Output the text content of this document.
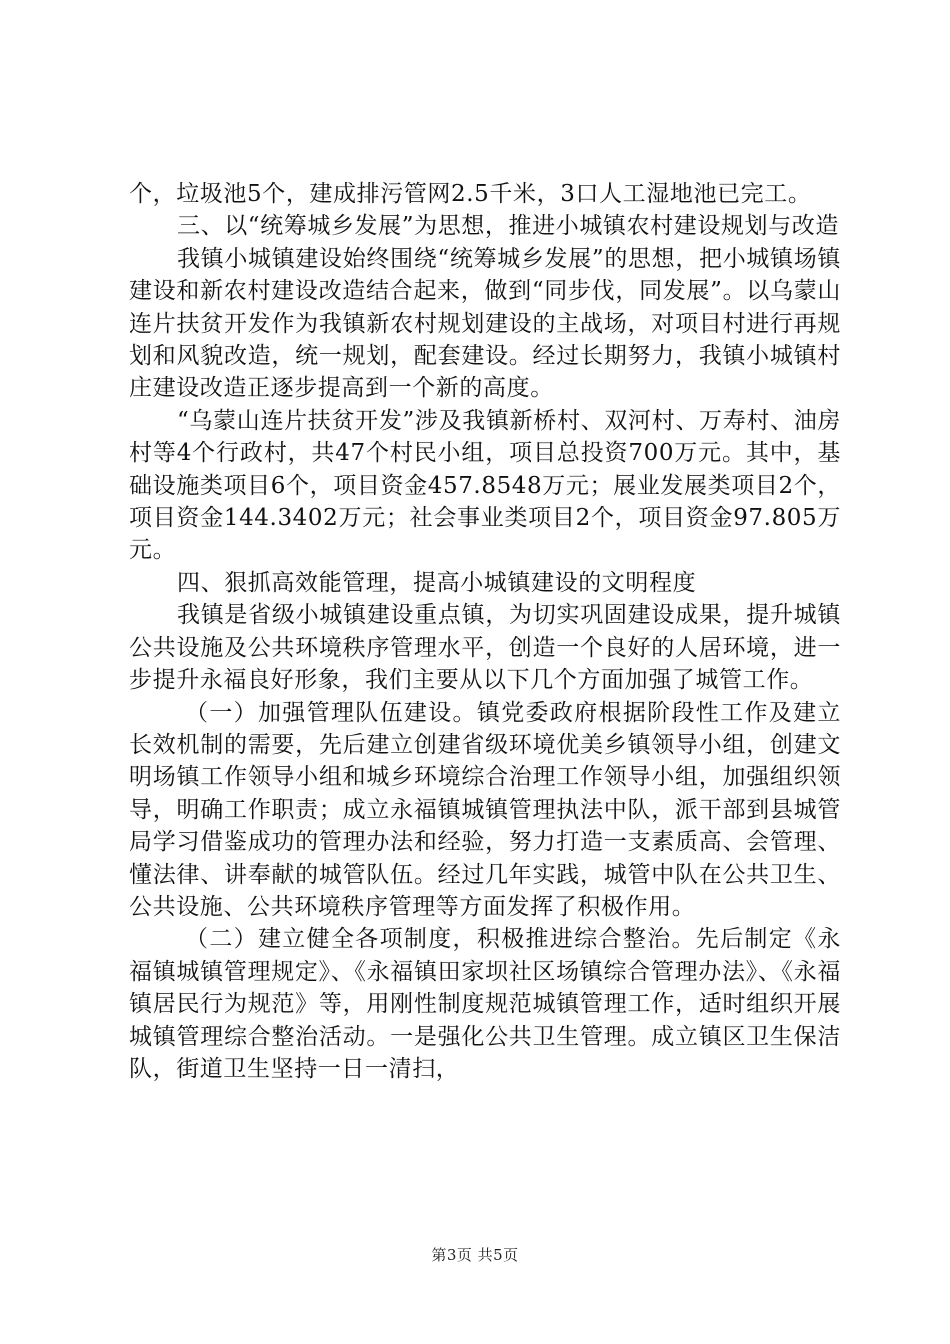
个，垃圾池5个，建成排污管网2.5千米，3口人工湿地池已完工。

三、以“统筹城乡发展”为思想，推进小城镇农村建设规划与改造

我镇小城镇建设始终围绕“统筹城乡发展”的思想，把小城镇场镇建设和新农村建设改造结合起来，做到“同步伐，同发展”。以乌蒙山连片扶贫开发作为我镇新农村规划建设的主战场，对项目村进行再规划和风貌改造，统一规划，配套建设。经过长期努力，我镇小城镇村庄建设改造正逐步提高到一个新的高度。

“乌蒙山连片扶贫开发”涉及我镇新桥村、双河村、万寿村、油房村等4个行政村，共47个村民小组，项目总投资700万元。其中，基础设施类项目6个，项目资金457.8548万元；展业发展类项目2个，项目资金144.3402万元；社会事业类项目2个，项目资金97.805万元。

四、狠抓高效能管理，提高小城镇建设的文明程度

我镇是省级小城镇建设重点镇，为切实巩固建设成果，提升城镇公共设施及公共环境秩序管理水平，创造一个良好的人居环境，进一步提升永福良好形象，我们主要从以下几个方面加强了城管工作。

（一）加强管理队伍建设。镇党委政府根据阶段性工作及建立长效机制的需要，先后建立创建省级环境优美乡镇领导小组，创建文明场镇工作领导小组和城乡环境综合治理工作领导小组，加强组织领导，明确工作职责；成立永福镇城镇管理执法中队，派干部到县城管局学习借鉴成功的管理办法和经验，努力打造一支素质高、会管理、懂法律、讲奉献的城管队伍。经过几年实践，城管中队在公共卫生、公共设施、公共环境秩序管理等方面发挥了积极作用。

（二）建立健全各项制度，积极推进综合整治。先后制定《永福镇城镇管理规定》、《永福镇田家坝社区场镇综合管理办法》、《永福镇居民行为规范》等，用刚性制度规范城镇管理工作，适时组织开展城镇管理综合整治活动。一是强化公共卫生管理。成立镇区卫生保洁队，街道卫生坚持一日一清扫，

第3页 共5页
